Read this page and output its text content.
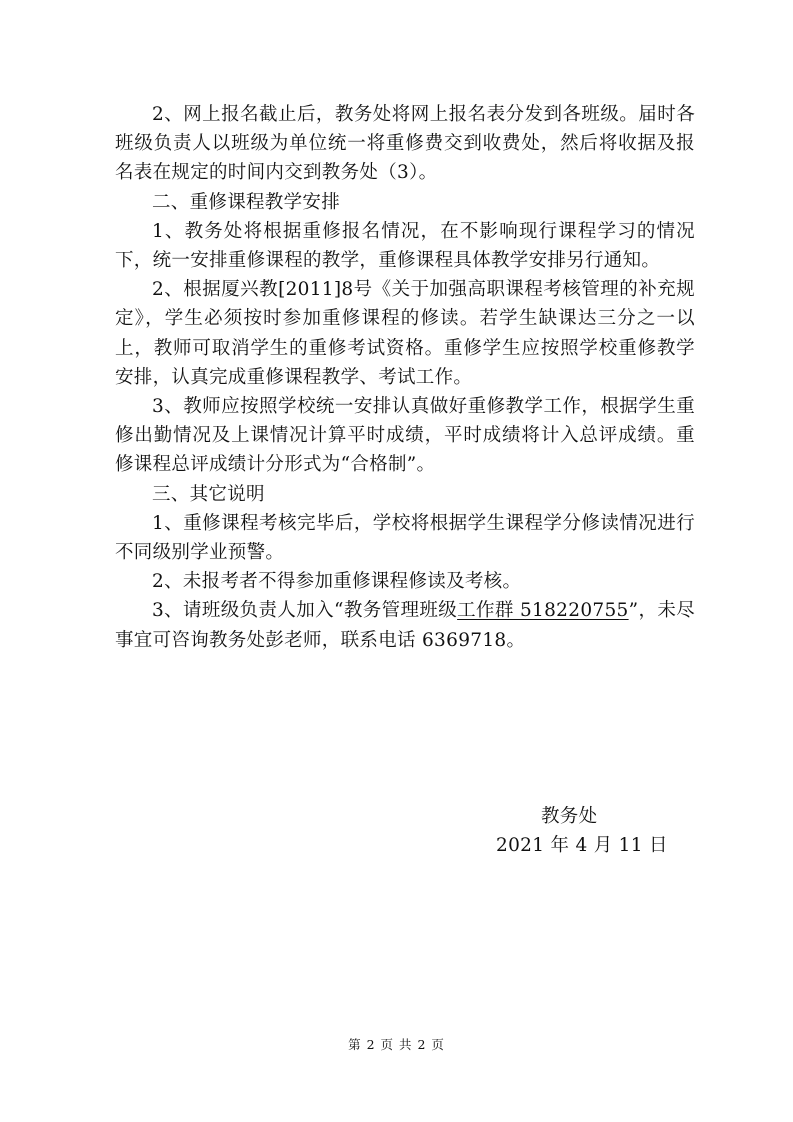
2、网上报名截止后，教务处将网上报名表分发到各班级。届时各班级负责人以班级为单位统一将重修费交到收费处，然后将收据及报名表在规定的时间内交到教务处（3）。

二、重修课程教学安排

1、教务处将根据重修报名情况，在不影响现行课程学习的情况下，统一安排重修课程的教学，重修课程具体教学安排另行通知。

2、根据厦兴教[2011]8号《关于加强高职课程考核管理的补充规定》，学生必须按时参加重修课程的修读。若学生缺课达三分之一以上，教师可取消学生的重修考试资格。重修学生应按照学校重修教学安排，认真完成重修课程教学、考试工作。

3、教师应按照学校统一安排认真做好重修教学工作，根据学生重修出勤情况及上课情况计算平时成绩，平时成绩将计入总评成绩。重修课程总评成绩计分形式为“合格制”。

三、其它说明

1、重修课程考核完毕后，学校将根据学生课程学分修读情况进行不同级别学业预警。

2、未报考者不得参加重修课程修读及考核。

3、请班级负责人加入“教务管理班级工作群 518220755”，未尽事宜可咨询教务处彭老师，联系电话 6369718。

教务处
2021 年 4 月 11 日
第 2 页 共 2 页
